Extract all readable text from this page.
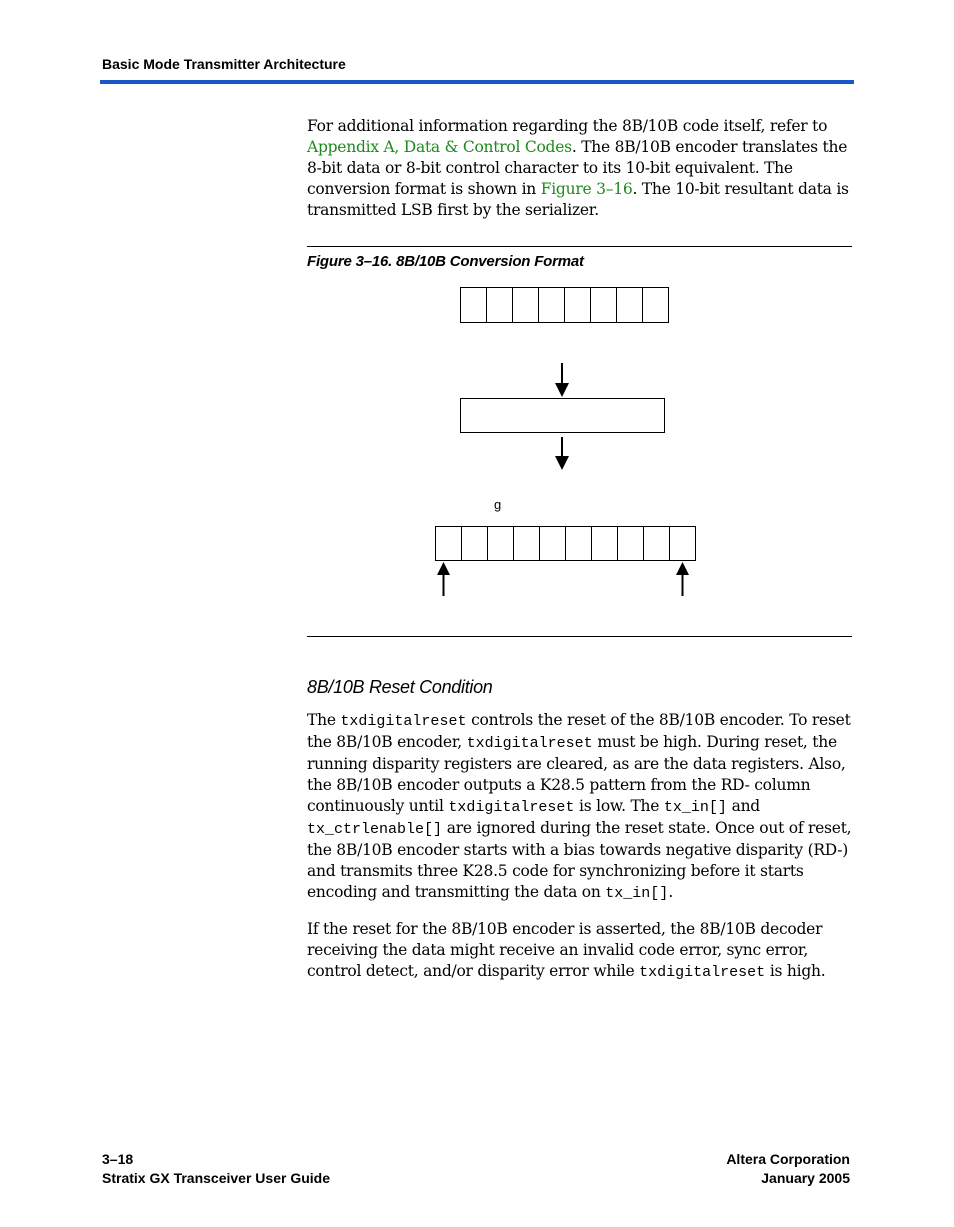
Basic Mode Transmitter Architecture

For additional information regarding the 8B/10B code itself, refer to Appendix A, Data & Control Codes. The 8B/10B encoder translates the 8-bit data or 8-bit control character to its 10-bit equivalent. The conversion format is shown in Figure 3–16. The 10-bit resultant data is transmitted LSB first by the serializer.

Figure 3–16. 8B/10B Conversion Format
g
8B/10B Reset Condition

The txdigitalreset controls the reset of the 8B/10B encoder. To reset the 8B/10B encoder, txdigitalreset must be high. During reset, the running disparity registers are cleared, as are the data registers. Also, the 8B/10B encoder outputs a K28.5 pattern from the RD- column continuously until txdigitalreset is low. The tx_in[] and tx_ctrlenable[] are ignored during the reset state. Once out of reset, the 8B/10B encoder starts with a bias towards negative disparity (RD-) and transmits three K28.5 code for synchronizing before it starts encoding and transmitting the data on tx_in[].

If the reset for the 8B/10B encoder is asserted, the 8B/10B decoder receiving the data might receive an invalid code error, sync error, control detect, and/or disparity error while txdigitalreset is high.

3–18
Stratix GX Transceiver User Guide
Altera Corporation
January 2005
